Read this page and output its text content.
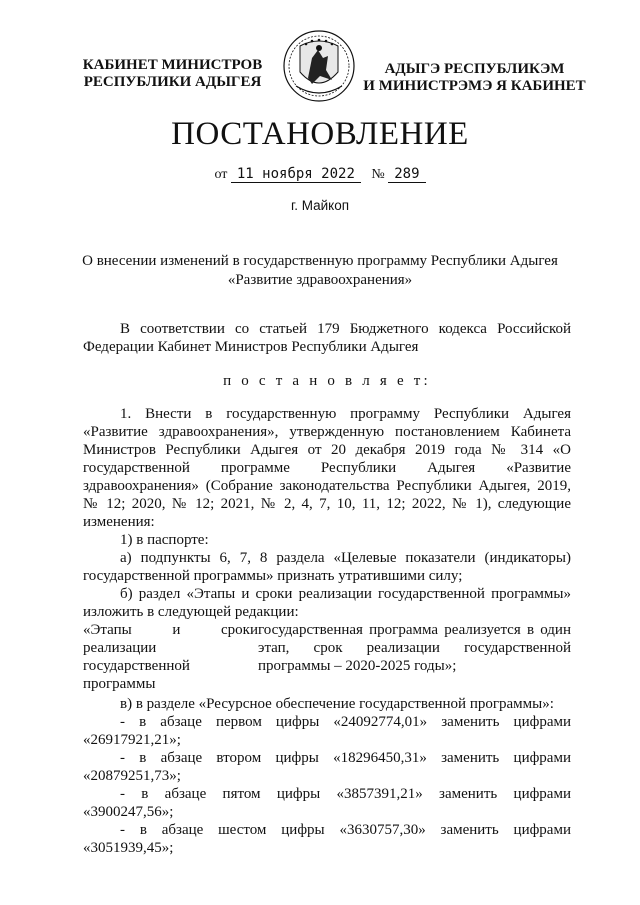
КАБИНЕТ МИНИСТРОВ
РЕСПУБЛИКИ АДЫГЕЯ
АДЫГЭ РЕСПУБЛИКЭМ
И МИНИСТРЭМЭ Я КАБИНЕТ
ПОСТАНОВЛЕНИЕ
от 11 ноября 2022 № 289
г. Майкоп
О внесении изменений в государственную программу Республики Адыгея
«Развитие здравоохранения»

В соответствии со статьей 179 Бюджетного кодекса Российской Федерации Кабинет Министров Республики Адыгея

п о с т а н о в л я е т:

1. Внести в государственную программу Республики Адыгея «Развитие здравоохранения», утвержденную постановлением Кабинета Министров Республики Адыгея от 20 декабря 2019 года № 314 «О государственной программе Республики Адыгея «Развитие здравоохранения» (Собрание законодательства Республики Адыгея, 2019, № 12; 2020, № 12; 2021, № 2, 4, 7, 10, 11, 12; 2022, № 1), следующие изменения:

1) в паспорте:

а) подпункты 6, 7, 8 раздела «Целевые показатели (индикаторы) государственной программы» признать утратившими силу;

б) раздел «Этапы и сроки реализации государственной программы» изложить в следующей редакции:

«Этапы и сроки реализации государственной программы
государственная программа реализуется в один этап, срок реализации государственной программы – 2020-2025 годы»;

в) в разделе «Ресурсное обеспечение государственной программы»:

- в абзаце первом цифры «24092774,01» заменить цифрами «26917921,21»;

- в абзаце втором цифры «18296450,31» заменить цифрами «20879251,73»;

- в абзаце пятом цифры «3857391,21» заменить цифрами «3900247,56»;

- в абзаце шестом цифры «3630757,30» заменить цифрами «3051939,45»;
